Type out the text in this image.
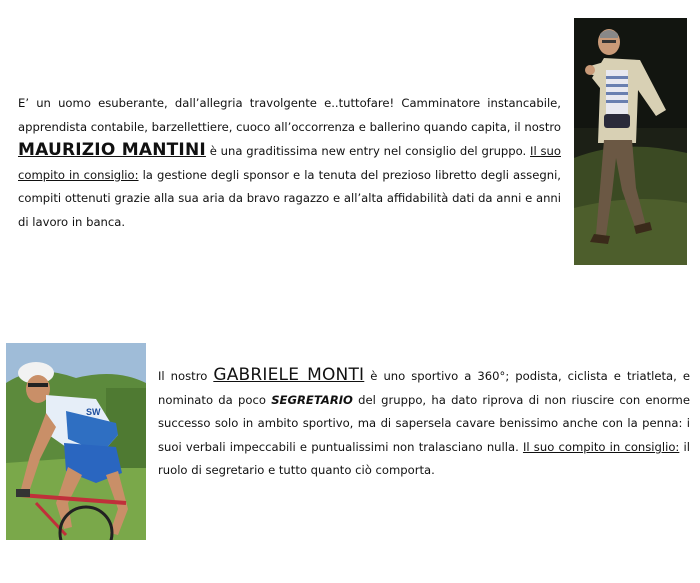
E’ un uomo esuberante, dall’allegria travolgente e..tuttofare! Camminatore instancabile, apprendista contabile, barzellettiere, cuoco all’occorrenza e ballerino quando capita, il nostro MAURIZIO MANTINI è una graditissima new entry nel consiglio del gruppo. Il suo compito in consiglio: la gestione degli sponsor e la tenuta del prezioso libretto degli assegni, compiti ottenuti grazie alla sua aria da bravo ragazzo e all’alta affidabilità dati da anni e anni di lavoro in banca.

SW

Il nostro GABRIELE MONTI è uno sportivo a 360°; podista, ciclista e triatleta, e nominato da poco SEGRETARIO del gruppo, ha dato riprova di non riuscire con enorme successo solo in ambito sportivo, ma di sapersela cavare benissimo anche con la penna: i suoi verbali impeccabili e puntualissimi non tralasciano nulla. Il suo compito in consiglio: il ruolo di segretario e tutto quanto ciò comporta.
